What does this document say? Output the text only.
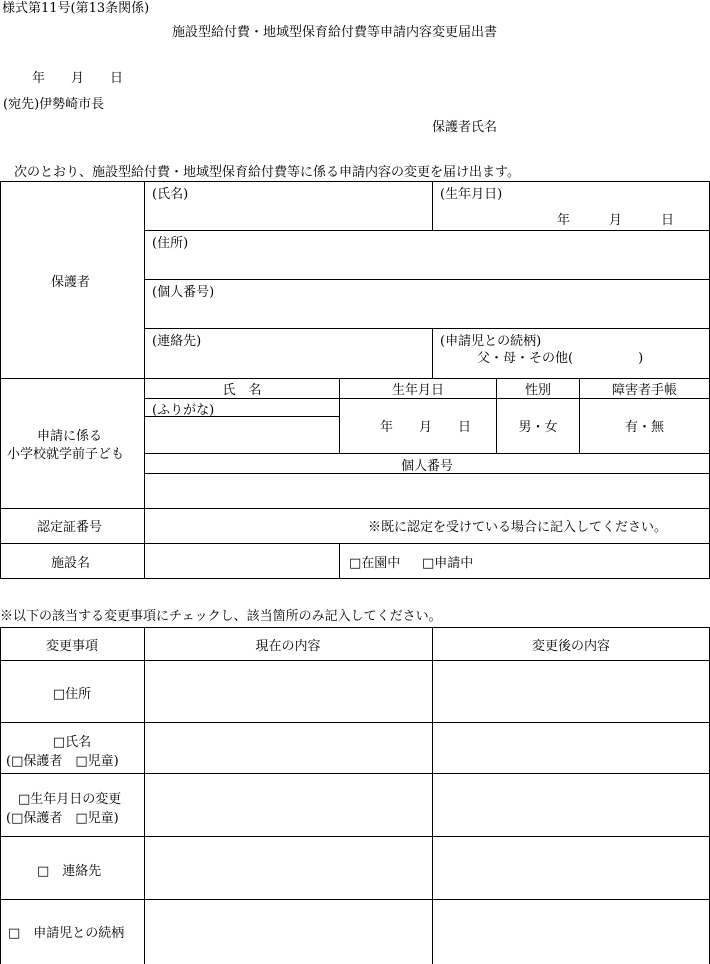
様式第11号(第13条関係)
施設型給付費・地域型保育給付費等申請内容変更届出書
年　　月　　日
(宛先)伊勢崎市長
保護者氏名
次のとおり、施設型給付費・地域型保育給付費等に係る申請内容の変更を届け出ます。
保護者
(氏名)	(生年月日)
年　　　月　　　日
(住所)
(個人番号)
(連絡先)	(申請児との続柄)
父・母・その他(　　　　　)
申請に係る
小学校就学前子ども
氏　名	生年月日	性別	障害者手帳
(ふりがな)
年　　月　　日	男・女	有・無
個人番号
認定証番号	※既に認定を受けている場合に記入してください。
施設名	□在園中 □申請中
※以下の該当する変更事項にチェックし、該当箇所のみ記入してください。
変更事項	現在の内容	変更後の内容
□住所
□氏名
(□保護者　□児童)
□生年月日の変更
(□保護者　□児童)
□　連絡先
□　申請児との続柄
